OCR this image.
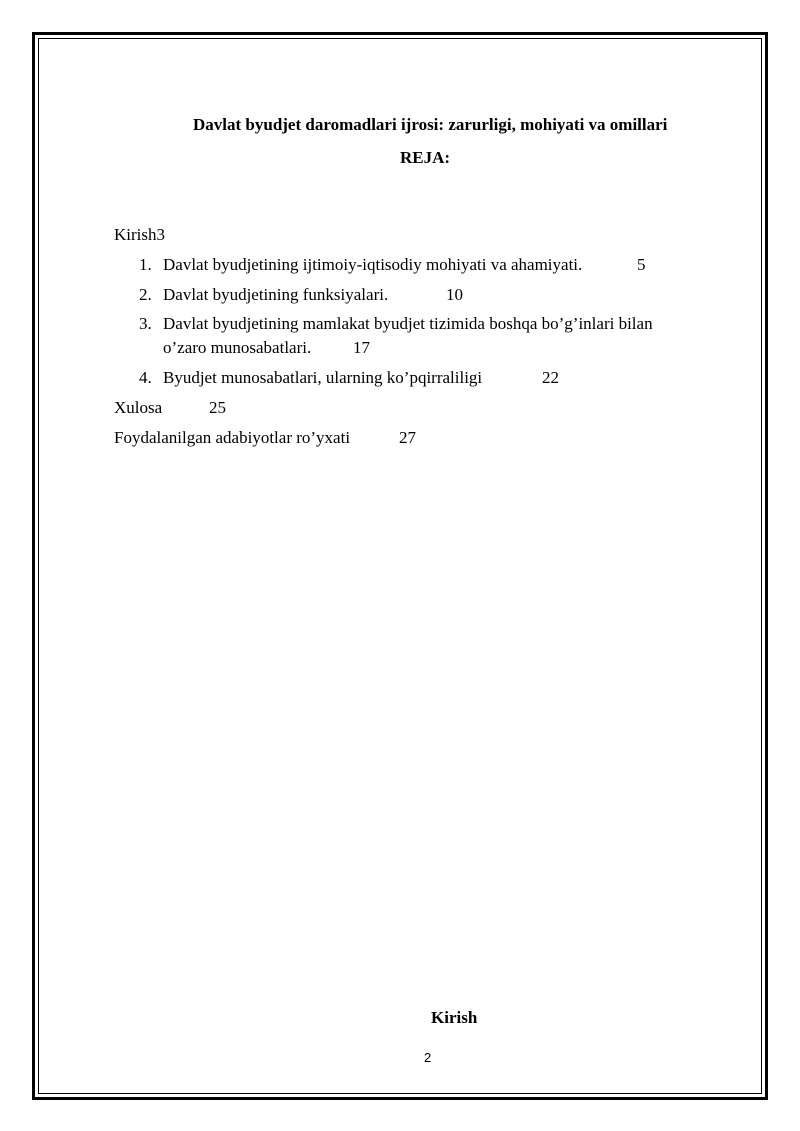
Davlat byudjet daromadlari ijrosi: zarurligi, mohiyati va omillari
REJA:
Kirish3
1. Davlat byudjetining ijtimoiy-iqtisodiy mohiyati va ahamiyati.	5
2. Davlat byudjetining funksiyalari.	10
3. Davlat byudjetining mamlakat byudjet tizimida boshqa bo’g’inlari bilan
o’zaro munosabatlari. 17
4. Byudjet munosabatlari, ularning ko’pqirraliligi	22
Xulosa	25
Foydalanilgan adabiyotlar ro’yxati	27
Kirish
2
